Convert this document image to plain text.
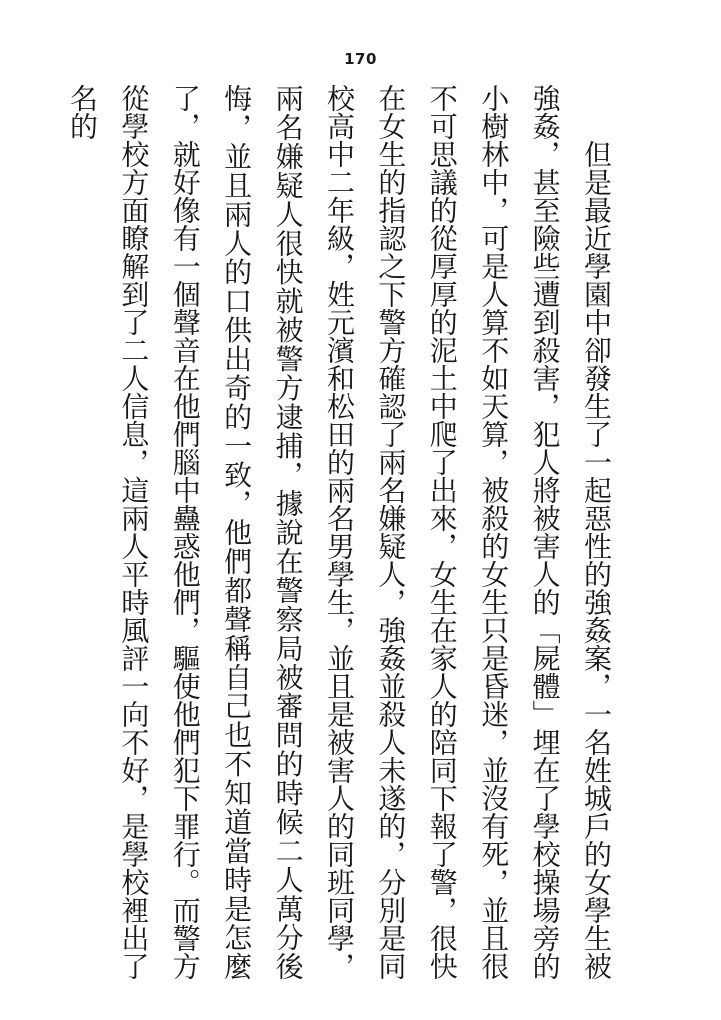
170

但是最近學園中卻發生了一起惡性的強姦案，一名姓城戶的女學生被強姦，甚至險些遭到殺害，犯人將被害人的「屍體」埋在了學校操場旁的小樹林中，可是人算不如天算，被殺的女生只是昏迷，並沒有死，並且很不可思議的從厚厚的泥土中爬了出來，女生在家人的陪同下報了警，很快在女生的指認之下警方確認了兩名嫌疑人，強姦並殺人未遂的，分別是同校高中二年級，姓元濱和松田的兩名男學生，並且是被害人的同班同學，兩名嫌疑人很快就被警方逮捕，據說在警察局被審問的時候二人萬分後悔，並且兩人的口供出奇的一致，他們都聲稱自己也不知道當時是怎麼了，就好像有一個聲音在他們腦中蠱惑他們，驅使他們犯下罪行。而警方從學校方面瞭解到了二人信息，這兩人平時風評一向不好，是學校裡出了名的
